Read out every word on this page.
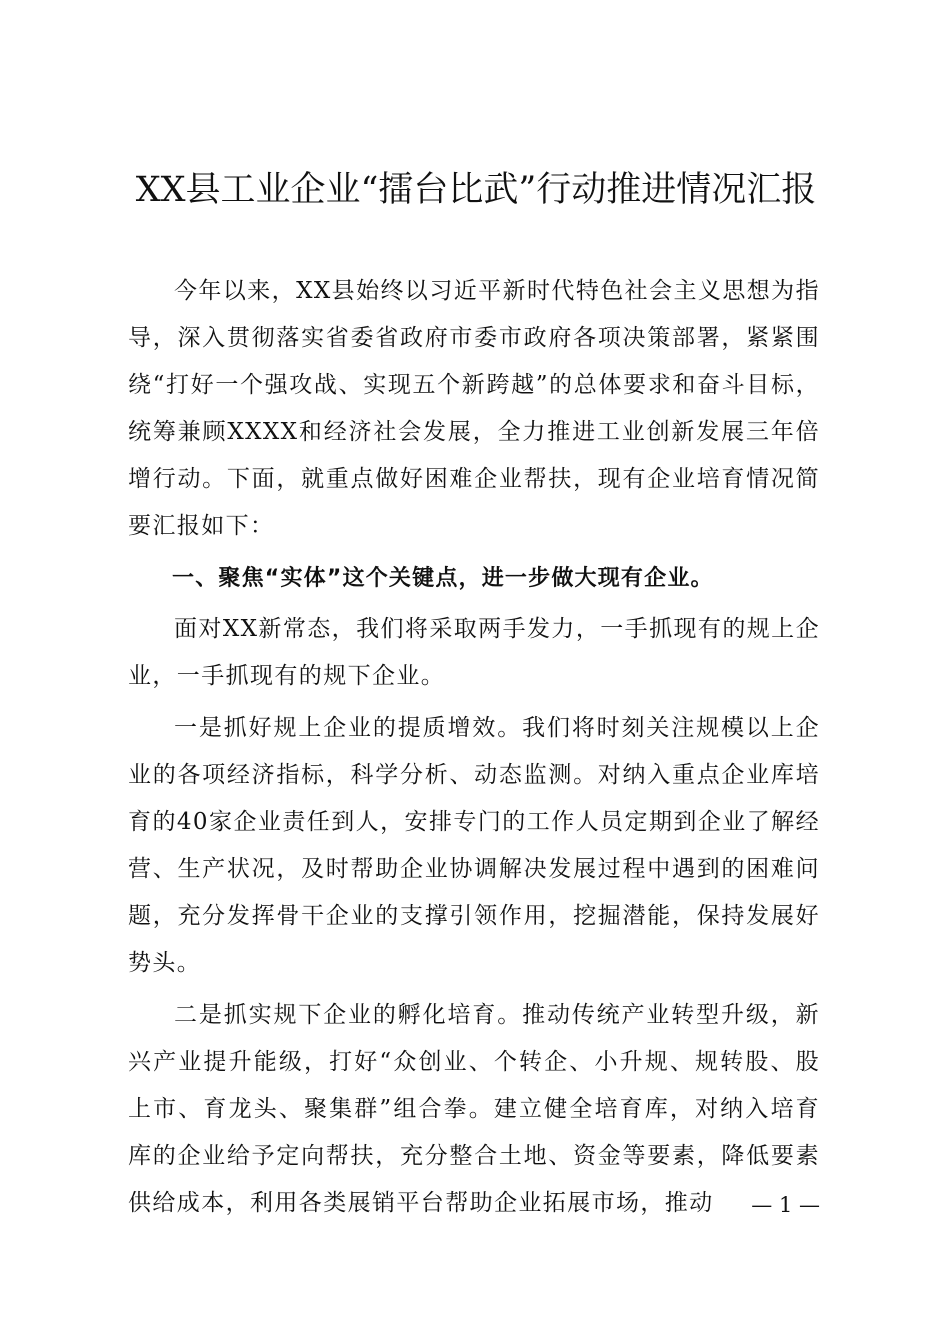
XX县工业企业“擂台比武”行动推进情况汇报

今年以来，XX县始终以习近平新时代特色社会主义思想为指导，深入贯彻落实省委省政府市委市政府各项决策部署，紧紧围绕“打好一个强攻战、实现五个新跨越”的总体要求和奋斗目标，统筹兼顾XXXX和经济社会发展，全力推进工业创新发展三年倍增行动。下面，就重点做好困难企业帮扶，现有企业培育情况简要汇报如下：

一、聚焦“实体”这个关键点，进一步做大现有企业。

面对XX新常态，我们将采取两手发力，一手抓现有的规上企业，一手抓现有的规下企业。

一是抓好规上企业的提质增效。我们将时刻关注规模以上企业的各项经济指标，科学分析、动态监测。对纳入重点企业库培育的40家企业责任到人，安排专门的工作人员定期到企业了解经营、生产状况，及时帮助企业协调解决发展过程中遇到的困难问题，充分发挥骨干企业的支撑引领作用，挖掘潜能，保持发展好势头。

二是抓实规下企业的孵化培育。推动传统产业转型升级，新兴产业提升能级，打好“众创业、个转企、小升规、规转股、股上市、育龙头、聚集群”组合拳。建立健全培育库，对纳入培育库的企业给予定向帮扶，充分整合土地、资金等要素，降低要素供给成本，利用各类展销平台帮助企业拓展市场，推动	— 1 —
